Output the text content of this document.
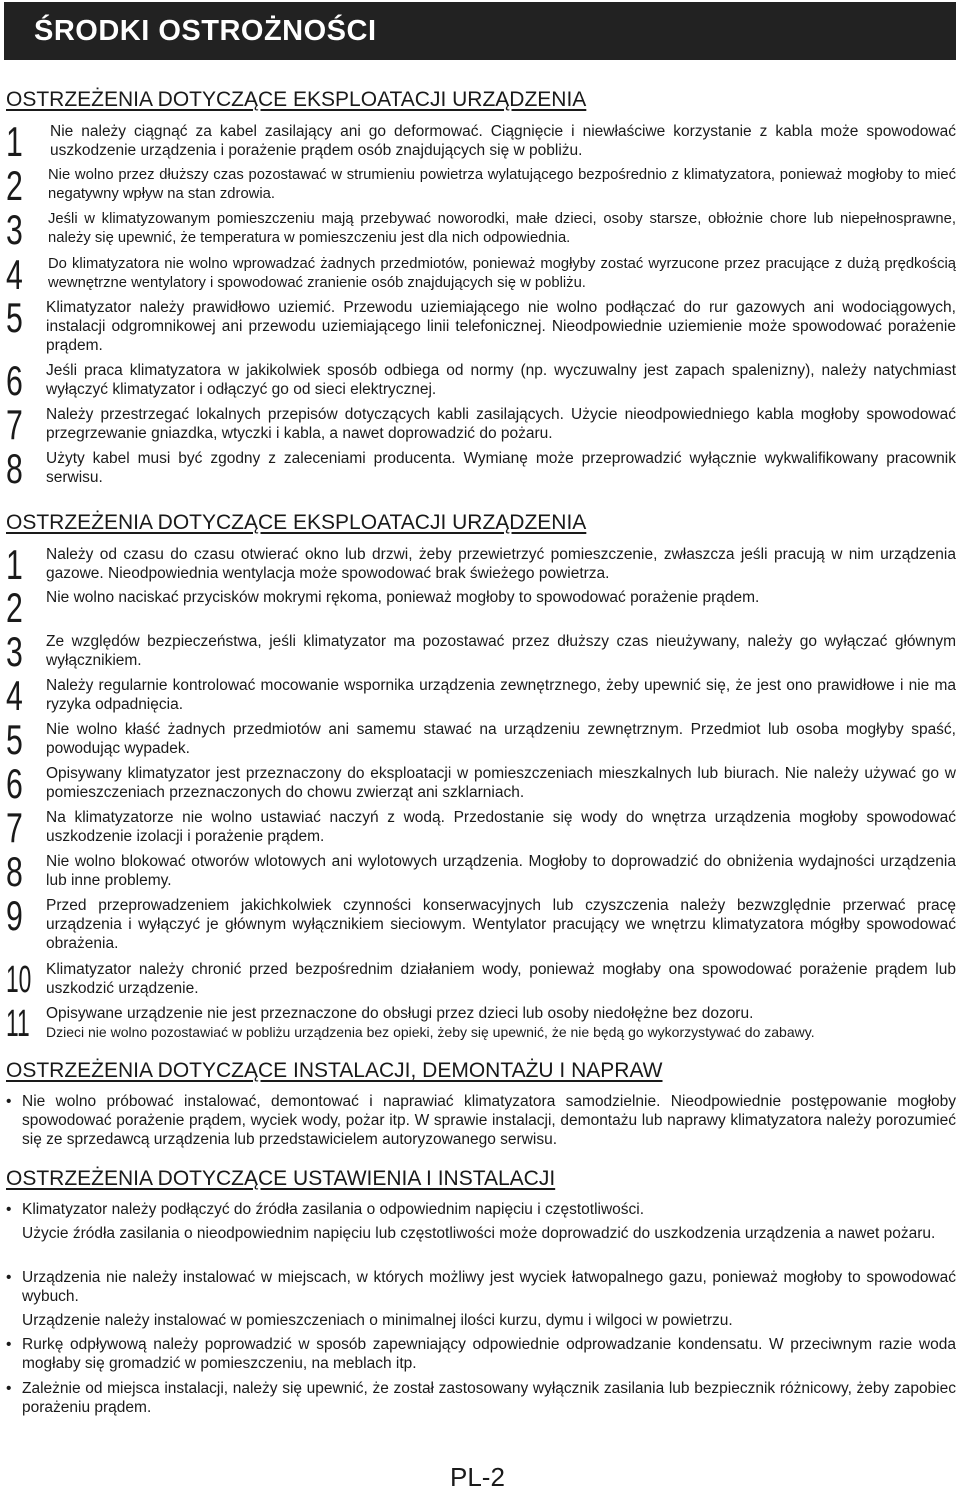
ŚRODKI OSTROŻNOŚCI
OSTRZEŻENIA DOTYCZĄCE EKSPLOATACJI URZĄDZENIA
1 Nie należy ciągnąć za kabel zasilający ani go deformować. Ciągnięcie i niewłaściwe korzystanie z kabla może spowodować uszkodzenie urządzenia i porażenie prądem osób znajdujących się w pobliżu.
2 Nie wolno przez dłuższy czas pozostawać w strumieniu powietrza wylatującego bezpośrednio z klimatyzatora, ponieważ mogłoby to mieć negatywny wpływ na stan zdrowia.
3 Jeśli w klimatyzowanym pomieszczeniu mają przebywać noworodki, małe dzieci, osoby starsze, obłożnie chore lub niepełnosprawne, należy się upewnić, że temperatura w pomieszczeniu jest dla nich odpowiednia.
4 Do klimatyzatora nie wolno wprowadzać żadnych przedmiotów, ponieważ mogłyby zostać wyrzucone przez pracujące z dużą prędkością wewnętrzne wentylatory i spowodować zranienie osób znajdujących się w pobliżu.
5 Klimatyzator należy prawidłowo uziemić. Przewodu uziemiającego nie wolno podłączać do rur gazowych ani wodociągowych, instalacji odgromnikowej ani przewodu uziemiającego linii telefonicznej. Nieodpowiednie uziemienie może spowodować porażenie prądem.
6 Jeśli praca klimatyzatora w jakikolwiek sposób odbiega od normy (np. wyczuwalny jest zapach spalenizny), należy natychmiast wyłączyć klimatyzator i odłączyć go od sieci elektrycznej.
7 Należy przestrzegać lokalnych przepisów dotyczących kabli zasilających. Użycie nieodpowiedniego kabla mogłoby spowodować przegrzewanie gniazdka, wtyczki i kabla, a nawet doprowadzić do pożaru.
8 Użyty kabel musi być zgodny z zaleceniami producenta. Wymianę może przeprowadzić wyłącznie wykwalifikowany pracownik serwisu.
OSTRZEŻENIA DOTYCZĄCE EKSPLOATACJI URZĄDZENIA
1 Należy od czasu do czasu otwierać okno lub drzwi, żeby przewietrzyć pomieszczenie, zwłaszcza jeśli pracują w nim urządzenia gazowe. Nieodpowiednia wentylacja może spowodować brak świeżego powietrza.
2 Nie wolno naciskać przycisków mokrymi rękoma, ponieważ mogłoby to spowodować porażenie prądem.
3 Ze względów bezpieczeństwa, jeśli klimatyzator ma pozostawać przez dłuższy czas nieużywany, należy go wyłączać głównym wyłącznikiem.
4 Należy regularnie kontrolować mocowanie wspornika urządzenia zewnętrznego, żeby upewnić się, że jest ono prawidłowe i nie ma ryzyka odpadnięcia.
5 Nie wolno kłaść żadnych przedmiotów ani samemu stawać na urządzeniu zewnętrznym. Przedmiot lub osoba mogłyby spaść, powodując wypadek.
6 Opisywany klimatyzator jest przeznaczony do eksploatacji w pomieszczeniach mieszkalnych lub biurach. Nie należy używać go w pomieszczeniach przeznaczonych do chowu zwierząt ani szklarniach.
7 Na klimatyzatorze nie wolno ustawiać naczyń z wodą. Przedostanie się wody do wnętrza urządzenia mogłoby spowodować uszkodzenie izolacji i porażenie prądem.
8 Nie wolno blokować otworów wlotowych ani wylotowych urządzenia. Mogłoby to doprowadzić do obniżenia wydajności urządzenia lub inne problemy.
9 Przed przeprowadzeniem jakichkolwiek czynności konserwacyjnych lub czyszczenia należy bezwzględnie przerwać pracę urządzenia i wyłączyć je głównym wyłącznikiem sieciowym. Wentylator pracujący we wnętrzu klimatyzatora mógłby spowodować obrażenia.
10 Klimatyzator należy chronić przed bezpośrednim działaniem wody, ponieważ mogłaby ona spowodować porażenie prądem lub uszkodzić urządzenie.
11 Opisywane urządzenie nie jest przeznaczone do obsługi przez dzieci lub osoby niedołężne bez dozoru.
Dzieci nie wolno pozostawiać w pobliżu urządzenia bez opieki, żeby się upewnić, że nie będą go wykorzystywać do zabawy.
OSTRZEŻENIA DOTYCZĄCE INSTALACJI, DEMONTAŻU I NAPRAW
• Nie wolno próbować instalować, demontować i naprawiać klimatyzatora samodzielnie. Nieodpowiednie postępowanie mogłoby spowodować porażenie prądem, wyciek wody, pożar itp. W sprawie instalacji, demontażu lub naprawy klimatyzatora należy porozumieć się ze sprzedawcą urządzenia lub przedstawicielem autoryzowanego serwisu.
OSTRZEŻENIA DOTYCZĄCE USTAWIENIA I INSTALACJI
• Klimatyzator należy podłączyć do źródła zasilania o odpowiednim napięciu i częstotliwości.
Użycie źródła zasilania o nieodpowiednim napięciu lub częstotliwości może doprowadzić do uszkodzenia urządzenia a nawet pożaru.
• Urządzenia nie należy instalować w miejscach, w których możliwy jest wyciek łatwopalnego gazu, ponieważ mogłoby to spowodować wybuch.
Urządzenie należy instalować w pomieszczeniach o minimalnej ilości kurzu, dymu i wilgoci w powietrzu.
• Rurkę odpływową należy poprowadzić w sposób zapewniający odpowiednie odprowadzanie kondensatu. W przeciwnym razie woda mogłaby się gromadzić w pomieszczeniu, na meblach itp.
• Zależnie od miejsca instalacji, należy się upewnić, że został zastosowany wyłącznik zasilania lub bezpiecznik różnicowy, żeby zapobiec porażeniu prądem.
PL-2
